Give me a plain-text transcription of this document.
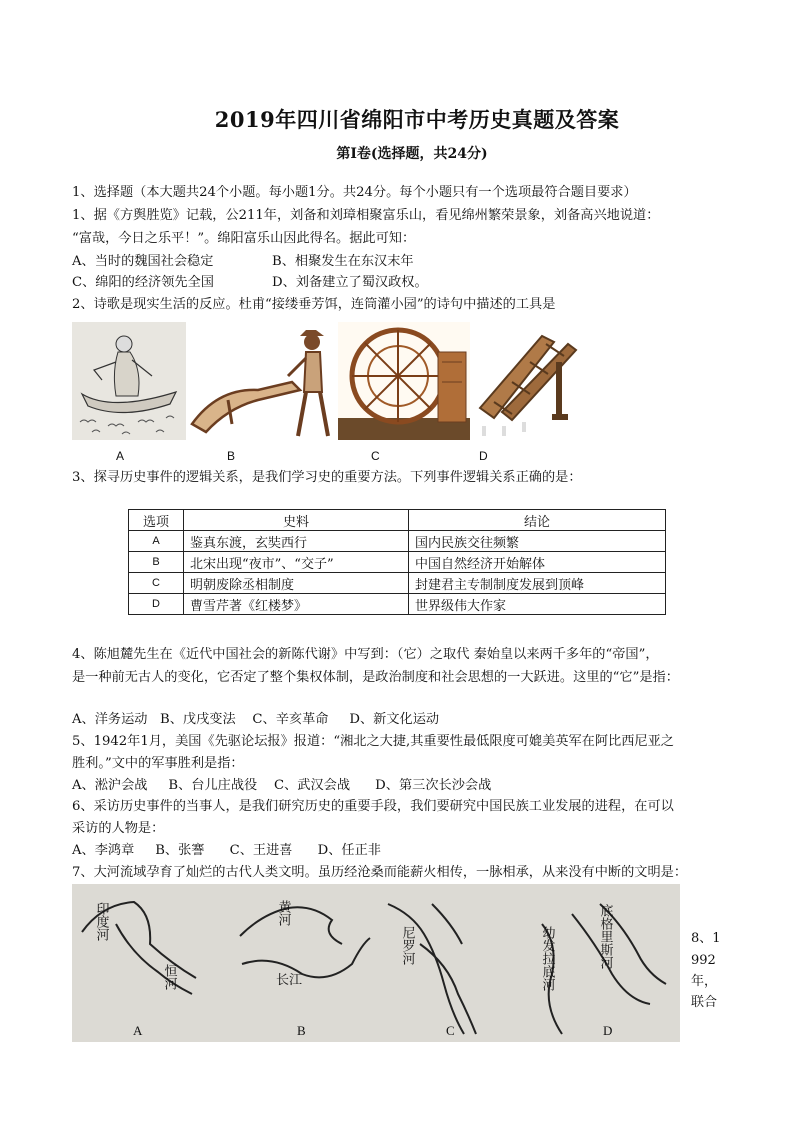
2019年四川省绵阳市中考历史真题及答案
第Ⅰ卷(选择题，共24分)
1、选择题（本大题共24个小题。每小题1分。共24分。每个小题只有一个选项最符合题目要求）
1、据《方舆胜览》记载，公211年，刘备和刘璋相聚富乐山，看见绵州繁荣景象，刘备高兴地说道：
“富哉，今日之乐平！”。绵阳富乐山因此得名。据此可知：
A、当时的魏国社会稳定	B、相聚发生在东汉末年
C、绵阳的经济领先全国	D、刘备建立了蜀汉政权。
2、诗歌是现实生活的反应。杜甫“接缕垂芳饵，连筒灌小园”的诗句中描述的工具是
A	B	C	D
3、探寻历史事件的逻辑关系，是我们学习史的重要方法。下列事件逻辑关系正确的是：
选项	史料	结论
A	鉴真东渡，玄奘西行	国内民族交往频繁
B	北宋出现“夜市”、“交子”	中国自然经济开始解体
C	明朝废除丞相制度	封建君主专制制度发展到顶峰
D	曹雪芹著《红楼梦》	世界级伟大作家
4、陈旭麓先生在《近代中国社会的新陈代谢》中写到：（它）之取代 秦始皇以来两千多年的“帝国”，
是一种前无古人的变化，它否定了整个集权体制，是政治制度和社会思想的一大跃进。这里的“它”是指：
A、洋务运动   B、戊戌变法    C、辛亥革命     D、新文化运动
5、1942年1月，美国《先驱论坛报》报道：“湘北之大捷,其重要性最低限度可媲美英军在阿比西尼亚之
胜利。”文中的军事胜利是指：
A、淞沪会战     B、台儿庄战役    C、武汉会战      D、第三次长沙会战
6、采访历史事件的当事人，是我们研究历史的重要手段，我们要研究中国民族工业发展的进程，在可以
采访的人物是：
A、李鸿章     B、张謇      C、王进喜      D、任正非
7、大河流域孕育了灿烂的古代人类文明。虽历经沧桑而能薪火相传，一脉相承，从来没有中断的文明是：
印度河
恒河
黄河
长江
尼罗河	底格里斯河
幼发拉底河
A	B	C	D
8、1
992
年，
联合
